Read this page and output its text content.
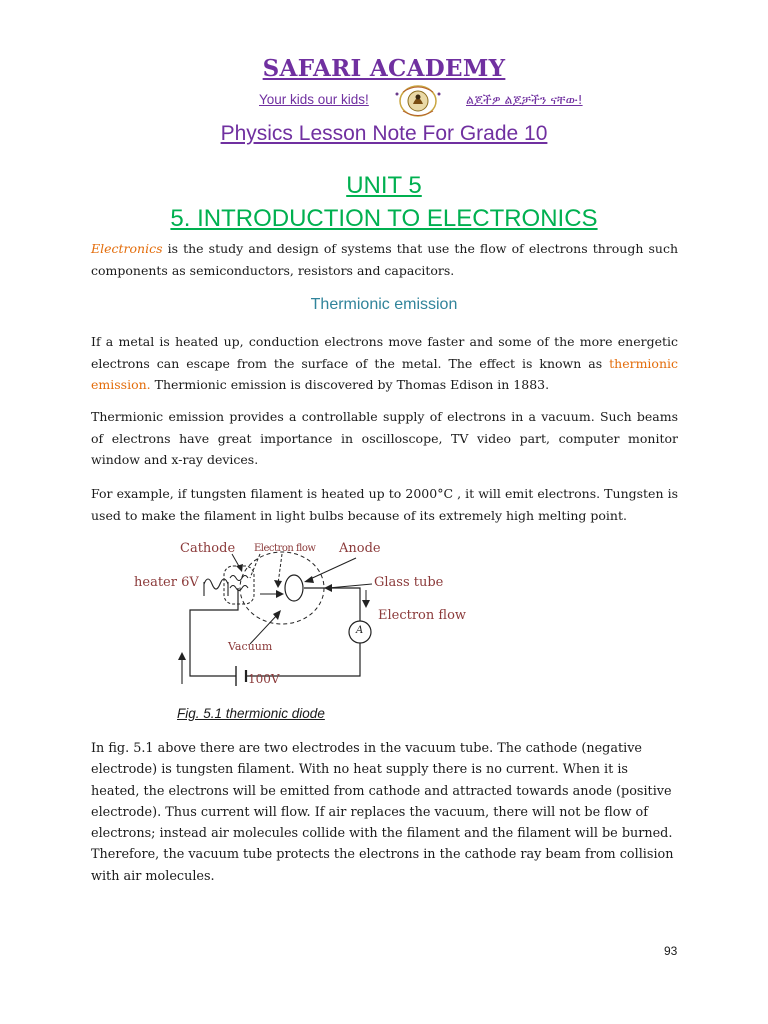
SAFARI ACADEMY
Your kids our kids!	ልጆችዎ ልጆቻችን ናቸው!
Physics Lesson Note For Grade 10
UNIT 5
5. INTRODUCTION TO ELECTRONICS
Electronics is the study and design of systems that use the flow of electrons through such components as semiconductors, resistors and capacitors.
Thermionic emission
If a metal is heated up, conduction electrons move faster and some of the more energetic electrons can escape from the surface of the metal. The effect is known as thermionic emission. Thermionic emission is discovered by Thomas Edison in 1883.
Thermionic emission provides a controllable supply of electrons in a vacuum. Such beams of electrons have great importance in oscilloscope, TV video part, computer monitor window and x-ray devices.
For example, if tungsten filament is heated up to 2000°C , it will emit electrons. Tungsten is used to make the filament in light bulbs because of its extremely high melting point.
Cathode Electron flow Anode
heater 6V	Glass tube
Electron flow
A
Vacuum
100V
Fig. 5.1 thermionic diode
In fig. 5.1 above there are two electrodes in the vacuum tube. The cathode (negative electrode) is tungsten filament. With no heat supply there is no current. When it is heated, the electrons will be emitted from cathode and attracted towards anode (positive electrode). Thus current will flow. If air replaces the vacuum, there will not be flow of electrons; instead air molecules collide with the filament and the filament will be burned. Therefore, the vacuum tube protects the electrons in the cathode ray beam from collision with air molecules.
93
